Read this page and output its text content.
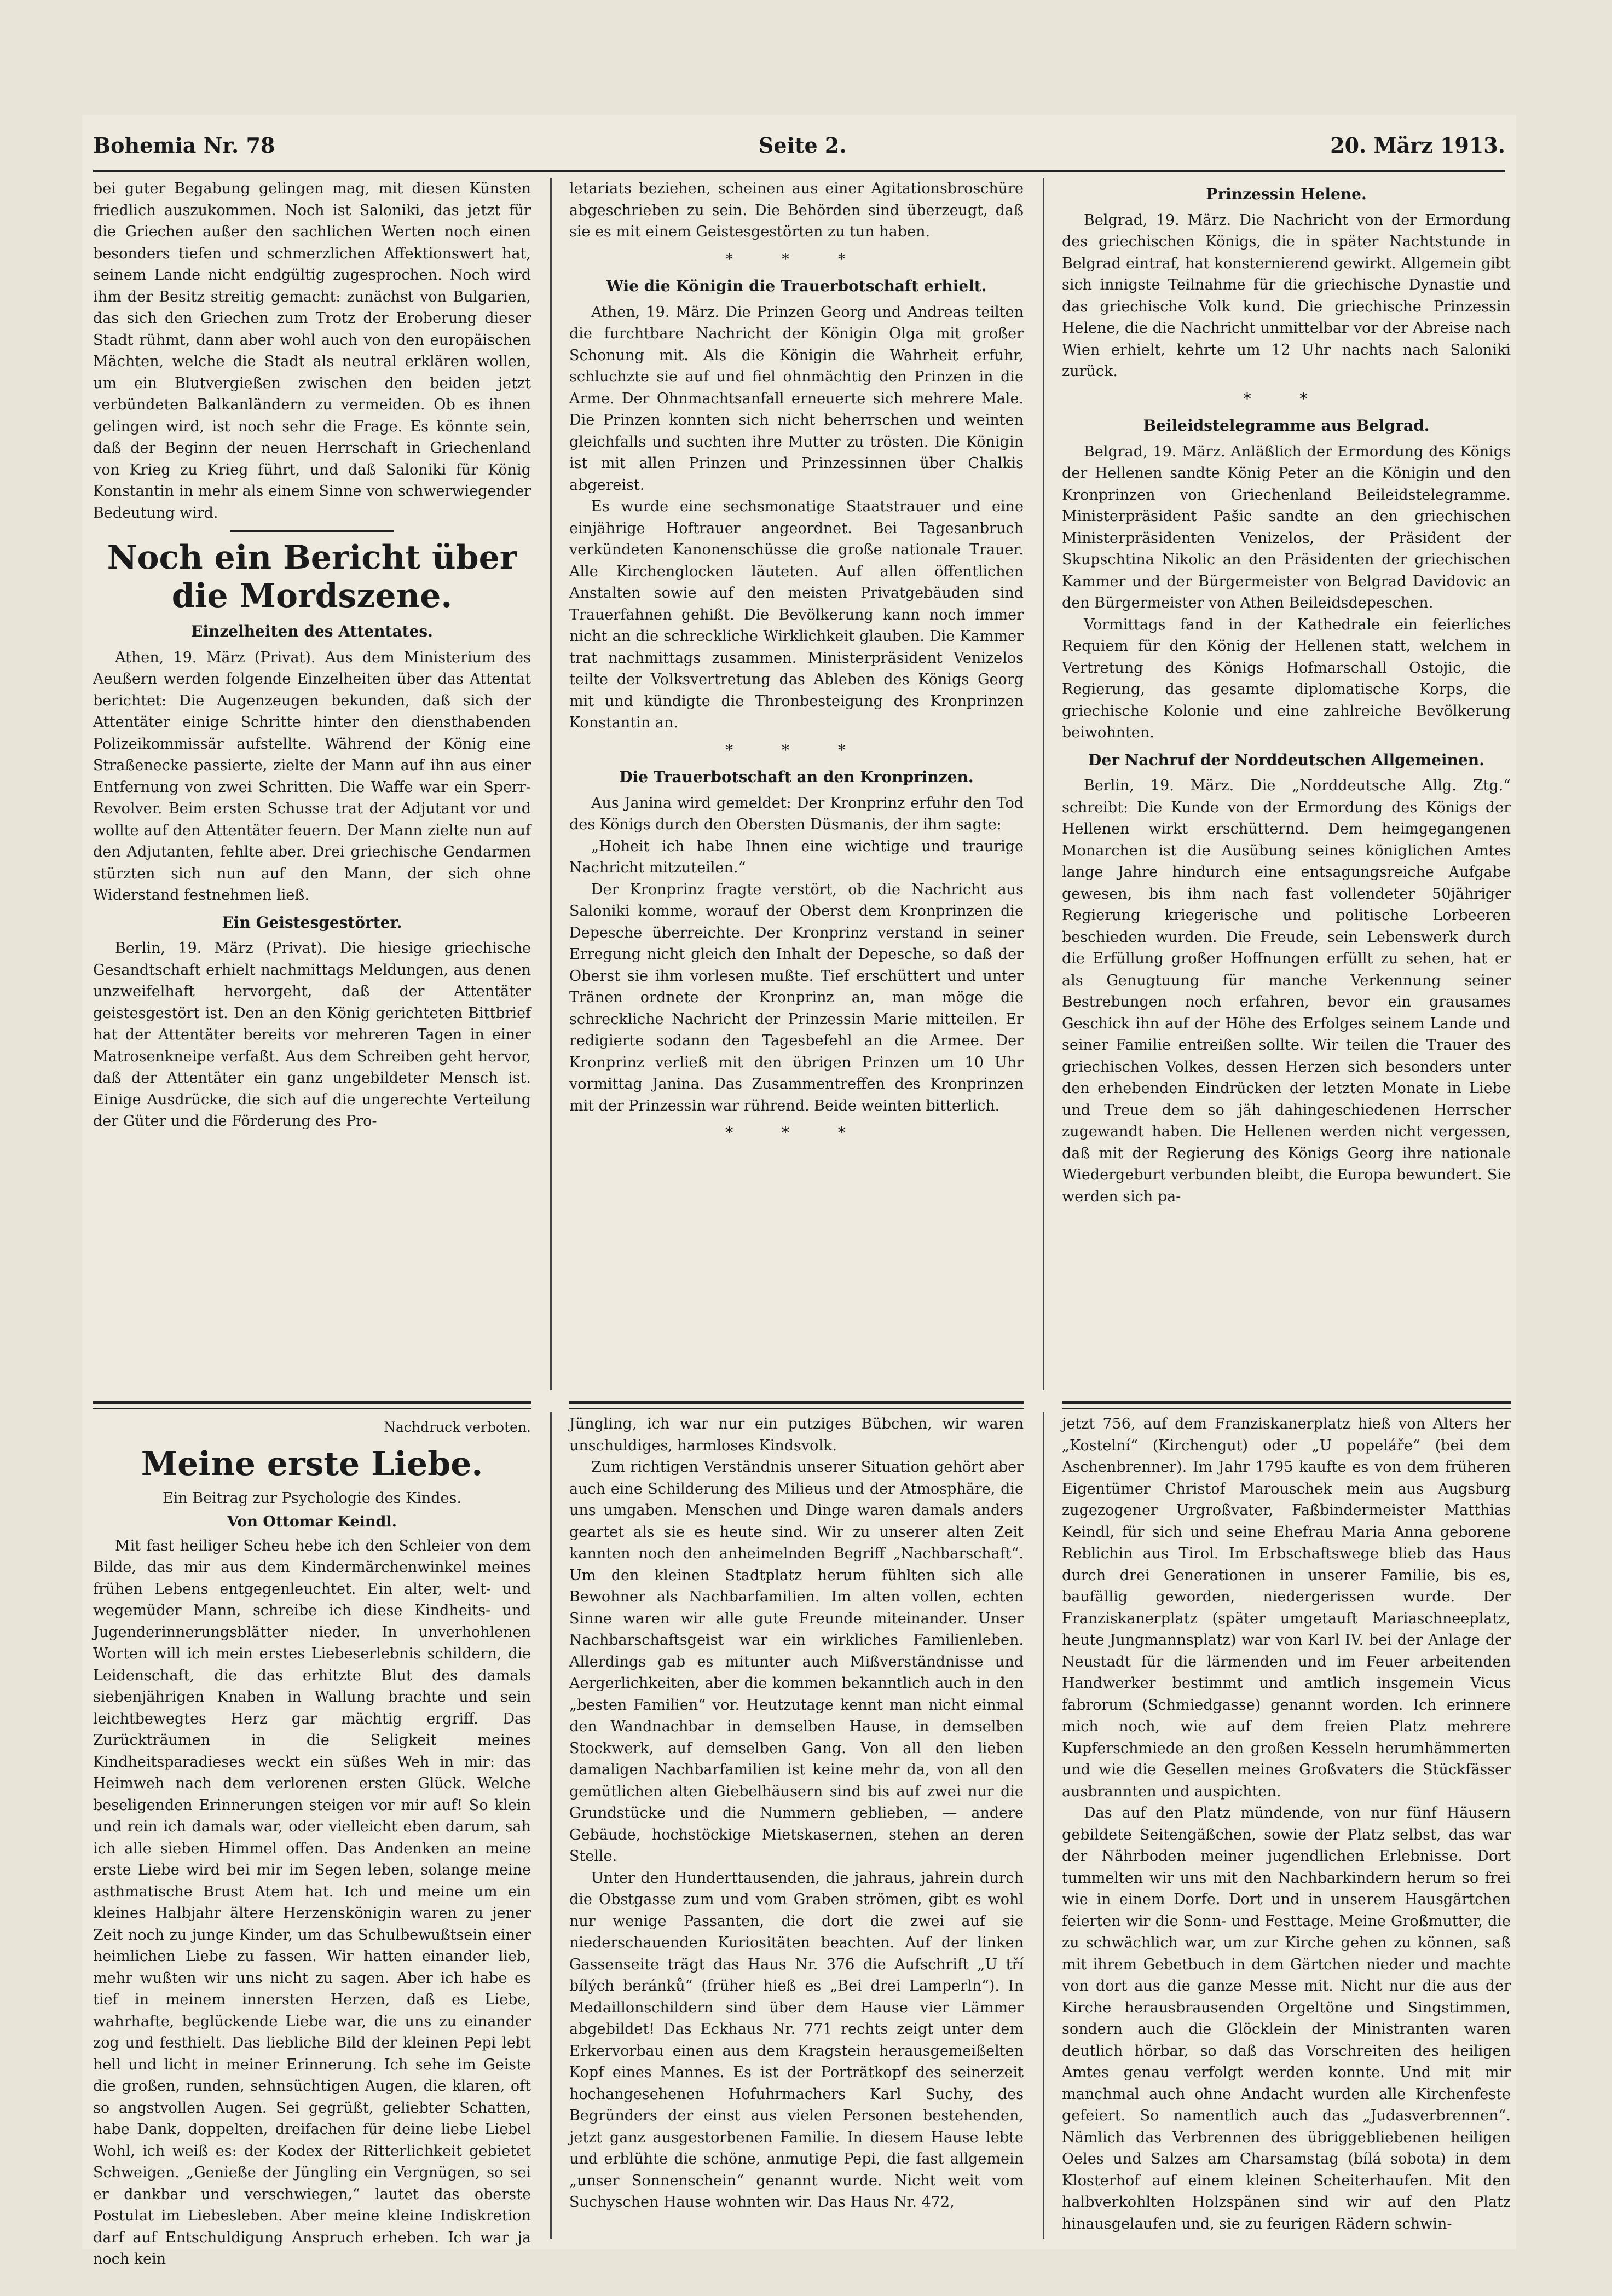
Bohemia Nr. 78	Seite 2.	20. März 1913.

bei guter Begabung gelingen mag, mit diesen Künsten friedlich auszukommen. Noch ist Saloniki, das jetzt für die Griechen außer den sachlichen Werten noch einen besonders tiefen und schmerzlichen Affektionswert hat, seinem Lande nicht endgültig zugesprochen. Noch wird ihm der Besitz streitig gemacht: zunächst von Bulgarien, das sich den Griechen zum Trotz der Eroberung dieser Stadt rühmt, dann aber wohl auch von den europäischen Mächten, welche die Stadt als neutral erklären wollen, um ein Blutvergießen zwischen den beiden jetzt verbündeten Balkanländern zu vermeiden. Ob es ihnen gelingen wird, ist noch sehr die Frage. Es könnte sein, daß der Beginn der neuen Herrschaft in Griechenland von Krieg zu Krieg führt, und daß Saloniki für König Konstantin in mehr als einem Sinne von schwerwiegender Bedeutung wird.

Noch ein Bericht über die Mordszene.
Einzelheiten des Attentates.

Athen, 19. März (Privat). Aus dem Ministerium des Aeußern werden folgende Einzelheiten über das Attentat berichtet: Die Augenzeugen bekunden, daß sich der Attentäter einige Schritte hinter den diensthabenden Polizeikommissär aufstellte. Während der König eine Straßenecke passierte, zielte der Mann auf ihn aus einer Entfernung von zwei Schritten. Die Waffe war ein Sperr-Revolver. Beim ersten Schusse trat der Adjutant vor und wollte auf den Attentäter feuern. Der Mann zielte nun auf den Adjutanten, fehlte aber. Drei griechische Gendarmen stürzten sich nun auf den Mann, der sich ohne Widerstand festnehmen ließ.

Ein Geistesgestörter.

Berlin, 19. März (Privat). Die hiesige griechische Gesandtschaft erhielt nachmittags Meldungen, aus denen unzweifelhaft hervorgeht, daß der Attentäter geistesgestört ist. Den an den König gerichteten Bittbrief hat der Attentäter bereits vor mehreren Tagen in einer Matrosenkneipe verfaßt. Aus dem Schreiben geht hervor, daß der Attentäter ein ganz ungebildeter Mensch ist. Einige Ausdrücke, die sich auf die ungerechte Verteilung der Güter und die Förderung des Pro-

letariats beziehen, scheinen aus einer Agitationsbroschüre abgeschrieben zu sein. Die Behörden sind überzeugt, daß sie es mit einem Geistesgestörten zu tun haben.

* * *
Wie die Königin die Trauerbotschaft erhielt.

Athen, 19. März. Die Prinzen Georg und Andreas teilten die furchtbare Nachricht der Königin Olga mit großer Schonung mit. Als die Königin die Wahrheit erfuhr, schluchzte sie auf und fiel ohnmächtig den Prinzen in die Arme. Der Ohnmachtsanfall erneuerte sich mehrere Male. Die Prinzen konnten sich nicht beherrschen und weinten gleichfalls und suchten ihre Mutter zu trösten. Die Königin ist mit allen Prinzen und Prinzessinnen über Chalkis abgereist.

Es wurde eine sechsmonatige Staatstrauer und eine einjährige Hoftrauer angeordnet. Bei Tagesanbruch verkündeten Kanonenschüsse die große nationale Trauer. Alle Kirchenglocken läuteten. Auf allen öffentlichen Anstalten sowie auf den meisten Privatgebäuden sind Trauerfahnen gehißt. Die Bevölkerung kann noch immer nicht an die schreckliche Wirklichkeit glauben. Die Kammer trat nachmittags zusammen. Ministerpräsident Venizelos teilte der Volksvertretung das Ableben des Königs Georg mit und kündigte die Thronbesteigung des Kronprinzen Konstantin an.

* * *
Die Trauerbotschaft an den Kronprinzen.

Aus Janina wird gemeldet: Der Kronprinz erfuhr den Tod des Königs durch den Obersten Düsmanis, der ihm sagte:

„Hoheit ich habe Ihnen eine wichtige und traurige Nachricht mitzuteilen.“

Der Kronprinz fragte verstört, ob die Nachricht aus Saloniki komme, worauf der Oberst dem Kronprinzen die Depesche überreichte. Der Kronprinz verstand in seiner Erregung nicht gleich den Inhalt der Depesche, so daß der Oberst sie ihm vorlesen mußte. Tief erschüttert und unter Tränen ordnete der Kronprinz an, man möge die schreckliche Nachricht der Prinzessin Marie mitteilen. Er redigierte sodann den Tagesbefehl an die Armee. Der Kronprinz verließ mit den übrigen Prinzen um 10 Uhr vormittag Janina. Das Zusammentreffen des Kronprinzen mit der Prinzessin war rührend. Beide weinten bitterlich.

* * *
Prinzessin Helene.

Belgrad, 19. März. Die Nachricht von der Ermordung des griechischen Königs, die in später Nachtstunde in Belgrad eintraf, hat konsternierend gewirkt. Allgemein gibt sich innigste Teilnahme für die griechische Dynastie und das griechische Volk kund. Die griechische Prinzessin Helene, die die Nachricht unmittelbar vor der Abreise nach Wien erhielt, kehrte um 12 Uhr nachts nach Saloniki zurück.

* *
Beileidstelegramme aus Belgrad.

Belgrad, 19. März. Anläßlich der Ermordung des Königs der Hellenen sandte König Peter an die Königin und den Kronprinzen von Griechenland Beileidstelegramme. Ministerpräsident Pašic sandte an den griechischen Ministerpräsidenten Venizelos, der Präsident der Skupschtina Nikolic an den Präsidenten der griechischen Kammer und der Bürgermeister von Belgrad Davidovic an den Bürgermeister von Athen Beileidsdepeschen.

Vormittags fand in der Kathedrale ein feierliches Requiem für den König der Hellenen statt, welchem in Vertretung des Königs Hofmarschall Ostojic, die Regierung, das gesamte diplomatische Korps, die griechische Kolonie und eine zahlreiche Bevölkerung beiwohnten.

Der Nachruf der Norddeutschen Allgemeinen.

Berlin, 19. März. Die „Norddeutsche Allg. Ztg.“ schreibt: Die Kunde von der Ermordung des Königs der Hellenen wirkt erschütternd. Dem heimgegangenen Monarchen ist die Ausübung seines königlichen Amtes lange Jahre hindurch eine entsagungsreiche Aufgabe gewesen, bis ihm nach fast vollendeter 50jähriger Regierung kriegerische und politische Lorbeeren beschieden wurden. Die Freude, sein Lebenswerk durch die Erfüllung großer Hoffnungen erfüllt zu sehen, hat er als Genugtuung für manche Verkennung seiner Bestrebungen noch erfahren, bevor ein grausames Geschick ihn auf der Höhe des Erfolges seinem Lande und seiner Familie entreißen sollte. Wir teilen die Trauer des griechischen Volkes, dessen Herzen sich besonders unter den erhebenden Eindrücken der letzten Monate in Liebe und Treue dem so jäh dahingeschiedenen Herrscher zugewandt haben. Die Hellenen werden nicht vergessen, daß mit der Regierung des Königs Georg ihre nationale Wiedergeburt verbunden bleibt, die Europa bewundert. Sie werden sich pa-

Nachdruck verboten.
Meine erste Liebe.
Ein Beitrag zur Psychologie des Kindes.
Von Ottomar Keindl.

Mit fast heiliger Scheu hebe ich den Schleier von dem Bilde, das mir aus dem Kindermärchenwinkel meines frühen Lebens entgegenleuchtet. Ein alter, welt- und wegemüder Mann, schreibe ich diese Kindheits- und Jugenderinnerungsblätter nieder. In unverhohlenen Worten will ich mein erstes Liebeserlebnis schildern, die Leidenschaft, die das erhitzte Blut des damals siebenjährigen Knaben in Wallung brachte und sein leichtbewegtes Herz gar mächtig ergriff. Das Zurückträumen in die Seligkeit meines Kindheitsparadieses weckt ein süßes Weh in mir: das Heimweh nach dem verlorenen ersten Glück. Welche beseligenden Erinnerungen steigen vor mir auf! So klein und rein ich damals war, oder vielleicht eben darum, sah ich alle sieben Himmel offen. Das Andenken an meine erste Liebe wird bei mir im Segen leben, solange meine asthmatische Brust Atem hat. Ich und meine um ein kleines Halbjahr ältere Herzenskönigin waren zu jener Zeit noch zu junge Kinder, um das Schulbewußtsein einer heimlichen Liebe zu fassen. Wir hatten einander lieb, mehr wußten wir uns nicht zu sagen. Aber ich habe es tief in meinem innersten Herzen, daß es Liebe, wahrhafte, beglückende Liebe war, die uns zu einander zog und festhielt. Das liebliche Bild der kleinen Pepi lebt hell und licht in meiner Erinnerung. Ich sehe im Geiste die großen, runden, sehnsüchtigen Augen, die klaren, oft so angstvollen Augen. Sei gegrüßt, geliebter Schatten, habe Dank, doppelten, dreifachen für deine liebe Liebel Wohl, ich weiß es: der Kodex der Ritterlichkeit gebietet Schweigen. „Genieße der Jüngling ein Vergnügen, so sei er dankbar und verschwiegen,“ lautet das oberste Postulat im Liebesleben. Aber meine kleine Indiskretion darf auf Entschuldigung Anspruch erheben. Ich war ja noch kein

Jüngling, ich war nur ein putziges Bübchen, wir waren unschuldiges, harmloses Kindsvolk.

Zum richtigen Verständnis unserer Situation gehört aber auch eine Schilderung des Milieus und der Atmosphäre, die uns umgaben. Menschen und Dinge waren damals anders geartet als sie es heute sind. Wir zu unserer alten Zeit kannten noch den anheimelnden Begriff „Nachbarschaft“. Um den kleinen Stadtplatz herum fühlten sich alle Bewohner als Nachbarfamilien. Im alten vollen, echten Sinne waren wir alle gute Freunde miteinander. Unser Nachbarschaftsgeist war ein wirkliches Familienleben. Allerdings gab es mitunter auch Mißverständnisse und Aergerlichkeiten, aber die kommen bekanntlich auch in den „besten Familien“ vor. Heutzutage kennt man nicht einmal den Wandnachbar in demselben Hause, in demselben Stockwerk, auf demselben Gang. Von all den lieben damaligen Nachbarfamilien ist keine mehr da, von all den gemütlichen alten Giebelhäusern sind bis auf zwei nur die Grundstücke und die Nummern geblieben, — andere Gebäude, hochstöckige Mietskasernen, stehen an deren Stelle.

Unter den Hunderttausenden, die jahraus, jahrein durch die Obstgasse zum und vom Graben strömen, gibt es wohl nur wenige Passanten, die dort die zwei auf sie niederschauenden Kuriositäten beachten. Auf der linken Gassenseite trägt das Haus Nr. 376 die Aufschrift „U tří bílých beránků“ (früher hieß es „Bei drei Lamperln“). In Medaillonschildern sind über dem Hause vier Lämmer abgebildet! Das Eckhaus Nr. 771 rechts zeigt unter dem Erkervorbau einen aus dem Kragstein herausgemeißelten Kopf eines Mannes. Es ist der Porträtkopf des seinerzeit hochangesehenen Hofuhrmachers Karl Suchy, des Begründers der einst aus vielen Personen bestehenden, jetzt ganz ausgestorbenen Familie. In diesem Hause lebte und erblühte die schöne, anmutige Pepi, die fast allgemein „unser Sonnenschein“ genannt wurde. Nicht weit vom Suchyschen Hause wohnten wir. Das Haus Nr. 472,

jetzt 756, auf dem Franziskanerplatz hieß von Alters her „Kostelní“ (Kirchengut) oder „U popeláře“ (bei dem Aschenbrenner). Im Jahr 1795 kaufte es von dem früheren Eigentümer Christof Marouschek mein aus Augsburg zugezogener Urgroßvater, Faßbindermeister Matthias Keindl, für sich und seine Ehefrau Maria Anna geborene Reblichin aus Tirol. Im Erbschaftswege blieb das Haus durch drei Generationen in unserer Familie, bis es, baufällig geworden, niedergerissen wurde. Der Franziskanerplatz (später umgetauft Mariaschneeplatz, heute Jungmannsplatz) war von Karl IV. bei der Anlage der Neustadt für die lärmenden und im Feuer arbeitenden Handwerker bestimmt und amtlich insgemein Vicus fabrorum (Schmiedgasse) genannt worden. Ich erinnere mich noch, wie auf dem freien Platz mehrere Kupferschmiede an den großen Kesseln herumhämmerten und wie die Gesellen meines Großvaters die Stückfässer ausbrannten und auspichten.

Das auf den Platz mündende, von nur fünf Häusern gebildete Seitengäßchen, sowie der Platz selbst, das war der Nährboden meiner jugendlichen Erlebnisse. Dort tummelten wir uns mit den Nachbarkindern herum so frei wie in einem Dorfe. Dort und in unserem Hausgärtchen feierten wir die Sonn- und Festtage. Meine Großmutter, die zu schwächlich war, um zur Kirche gehen zu können, saß mit ihrem Gebetbuch in dem Gärtchen nieder und machte von dort aus die ganze Messe mit. Nicht nur die aus der Kirche herausbrausenden Orgeltöne und Singstimmen, sondern auch die Glöcklein der Ministranten waren deutlich hörbar, so daß das Vorschreiten des heiligen Amtes genau verfolgt werden konnte. Und mit mir manchmal auch ohne Andacht wurden alle Kirchenfeste gefeiert. So namentlich auch das „Judasverbrennen“. Nämlich das Verbrennen des übriggebliebenen heiligen Oeles und Salzes am Charsamstag (bílá sobota) in dem Klosterhof auf einem kleinen Scheiterhaufen. Mit den halbverkohlten Holzspänen sind wir auf den Platz hinausgelaufen und, sie zu feurigen Rädern schwin-
